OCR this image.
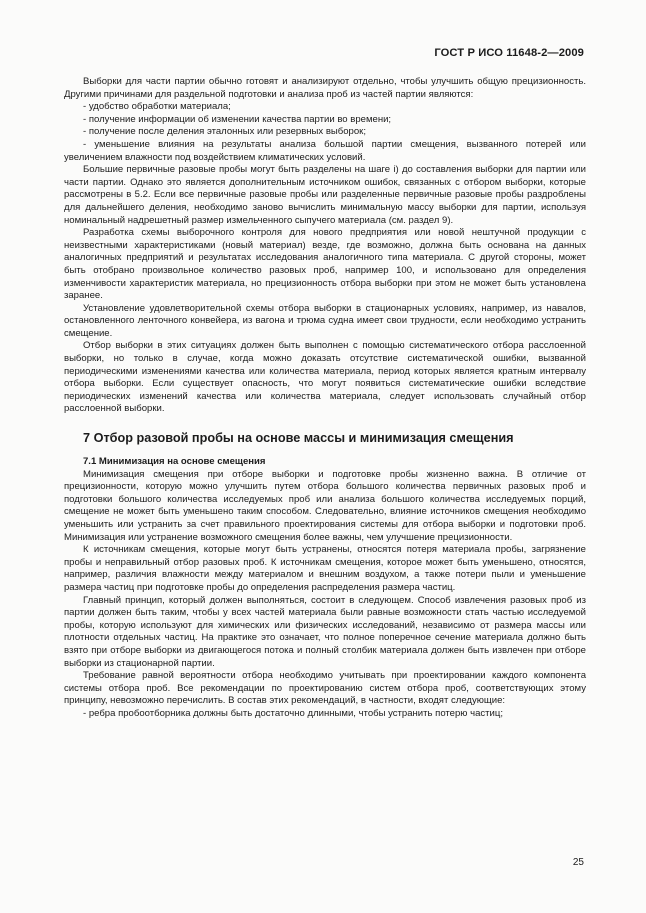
ГОСТ Р ИСО 11648-2—2009

Выборки для части партии обычно готовят и анализируют отдельно, чтобы улучшить общую прецизионность. Другими причинами для раздельной подготовки и анализа проб из частей партии являются:

- удобство обработки материала;

- получение информации об изменении качества партии во времени;

- получение после деления эталонных или резервных выборок;

- уменьшение влияния на результаты анализа большой партии смещения, вызванного потерей или увеличением влажности под воздействием климатических условий.

Большие первичные разовые пробы могут быть разделены на шаге i) до составления выборки для партии или части партии. Однако это является дополнительным источником ошибок, связанных с отбором выборки, которые рассмотрены в 5.2. Если все первичные разовые пробы или разделенные первичные разовые пробы раздроблены для дальнейшего деления, необходимо заново вычислить минимальную массу выборки для партии, используя номинальный надрешетный размер измельченного сыпучего материала (см. раздел 9).

Разработка схемы выборочного контроля для нового предприятия или новой нештучной продукции с неизвестными характеристиками (новый материал) везде, где возможно, должна быть основана на данных аналогичных предприятий и результатах исследования аналогичного типа материала. С другой стороны, может быть отобрано произвольное количество разовых проб, например 100, и использовано для определения изменчивости характеристик материала, но прецизионность отбора выборки при этом не может быть установлена заранее.

Установление удовлетворительной схемы отбора выборки в стационарных условиях, например, из навалов, остановленного ленточного конвейера, из вагона и трюма судна имеет свои трудности, если необходимо устранить смещение.

Отбор выборки в этих ситуациях должен быть выполнен с помощью систематического отбора расслоенной выборки, но только в случае, когда можно доказать отсутствие систематической ошибки, вызванной периодическими изменениями качества или количества материала, период которых является кратным интервалу отбора выборки. Если существует опасность, что могут появиться систематические ошибки вследствие периодических изменений качества или количества материала, следует использовать случайный отбор расслоенной выборки.

7 Отбор разовой пробы на основе массы и минимизация смещения
7.1 Минимизация на основе смещения

Минимизация смещения при отборе выборки и подготовке пробы жизненно важна. В отличие от прецизионности, которую можно улучшить путем отбора большого количества первичных разовых проб и подготовки большого количества исследуемых проб или анализа большого количества исследуемых порций, смещение не может быть уменьшено таким способом. Следовательно, влияние источников смещения необходимо уменьшить или устранить за счет правильного проектирования системы для отбора выборки и подготовки проб. Минимизация или устранение возможного смещения более важны, чем улучшение прецизионности.

К источникам смещения, которые могут быть устранены, относятся потеря материала пробы, загрязнение пробы и неправильный отбор разовых проб. К источникам смещения, которое может быть уменьшено, относятся, например, различия влажности между материалом и внешним воздухом, а также потери пыли и уменьшение размера частиц при подготовке пробы до определения распределения размера частиц.

Главный принцип, который должен выполняться, состоит в следующем. Способ извлечения разовых проб из партии должен быть таким, чтобы у всех частей материала были равные возможности стать частью исследуемой пробы, которую используют для химических или физических исследований, независимо от размера массы или плотности отдельных частиц. На практике это означает, что полное поперечное сечение материала должно быть взято при отборе выборки из двигающегося потока и полный столбик материала должен быть извлечен при отборе выборки из стационарной партии.

Требование равной вероятности отбора необходимо учитывать при проектировании каждого компонента системы отбора проб. Все рекомендации по проектированию систем отбора проб, соответствующих этому принципу, невозможно перечислить. В состав этих рекомендаций, в частности, входят следующие:

- ребра пробоотборника должны быть достаточно длинными, чтобы устранить потерю частиц;

25
